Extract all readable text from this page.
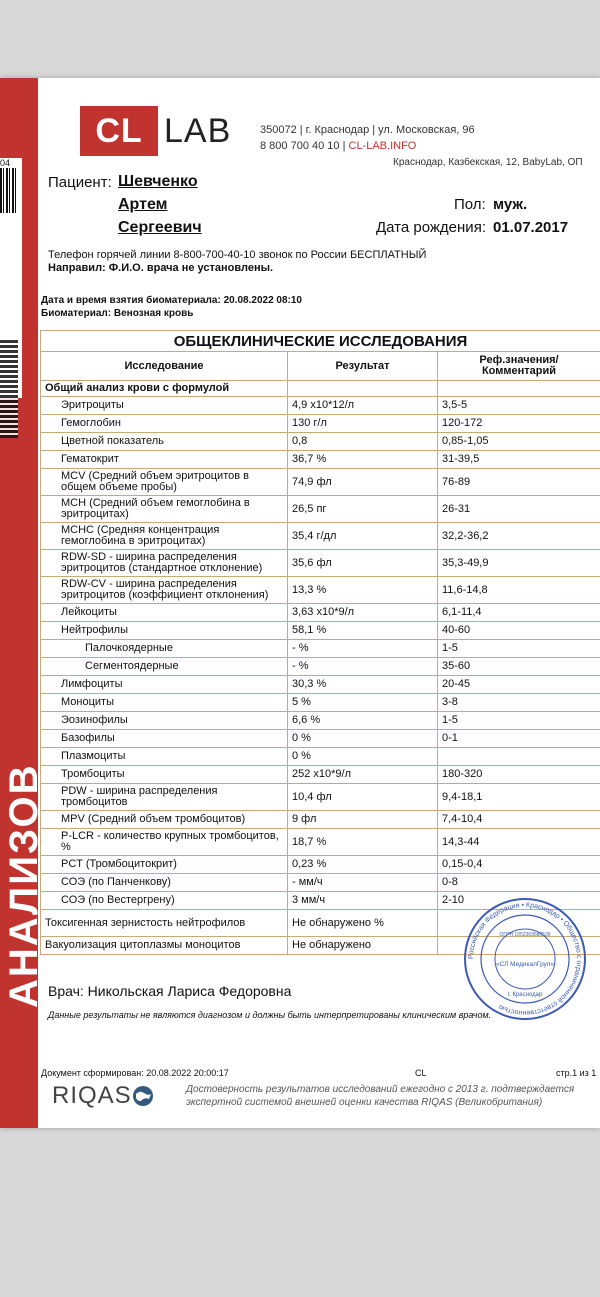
04
АНАЛИЗОВ
CL LAB	350072 | г. Краснодар | ул. Московская, 96
8 800 700 40 10 | CL-LAB.INFO
Краснодар, Казбекская, 12, BabyLab, ОП
Пациент: Шевченко
Артем
Сергеевич
Пол: муж.
Дата рождения: 01.07.2017
Телефон горячей линии 8-800-700-40-10 звонок по России БЕСПЛАТНЫЙ
Направил: Ф.И.О. врача не установлены.
Дата и время взятия биоматериала: 20.08.2022 08:10
Биоматериал: Венозная кровь
ОБЩЕКЛИНИЧЕСКИЕ ИССЛЕДОВАНИЯ		
Исследование	Результат	Реф.значения/ Комментарий
Общий анализ крови с формулой		
Эритроциты	4,9 x10*12/л	3,5-5
Гемоглобин	130 г/л	120-172
Цветной показатель	0,8	0,85-1,05
Гематокрит	36,7 %	31-39,5
MCV (Средний объем эритроцитов в общем объеме пробы)	74,9 фл	76-89
MCH (Средний объем гемоглобина в эритроцитах)	26,5 пг	26-31
MCHC (Средняя концентрация гемоглобина в эритроцитах)	35,4 г/дл	32,2-36,2
RDW-SD - ширина распределения эритроцитов (стандартное отклонение)	35,6 фл	35,3-49,9
RDW-CV - ширина распределения эритроцитов (коэффициент отклонения)	13,3 %	11,6-14,8
Лейкоциты	3,63 x10*9/л	6,1-11,4
Нейтрофилы	58,1 %	40-60
Палочкоядерные	- %	1-5
Сегментоядерные	- %	35-60
Лимфоциты	30,3 %	20-45
Моноциты	5 %	3-8
Эозинофилы	6,6 %	1-5
Базофилы	0 %	0-1
Плазмоциты	0 %	
Тромбоциты	252 x10*9/л	180-320
PDW - ширина распределения тромбоцитов	10,4 фл	9,4-18,1
MPV (Средний объем тромбоцитов)	9 фл	7,4-10,4
P-LCR - количество крупных тромбоцитов, %	18,7 %	14,3-44
PCT (Тромбоцитокрит)	0,23 %	0,15-0,4
СОЭ (по Панченкову)	- мм/ч	0-8
СОЭ (по Вестергрену)	3 мм/ч	2-10
Токсигенная зернистость нейтрофилов	Не обнаружено %	
Вакуолизация цитоплазмы моноцитов	Не обнаружено	
Российская Федерация • Краснодар • Общество с ограниченной ответственностью
ОГРН 1052303680539
«СЛ МедикалГруп»
г. Краснодар
Врач: Никольская Лариса Федоровна
Данные результаты не являются диагнозом и должны быть интерпретированы клиническим врачом.
Документ сформирован: 20.08.2022 20:00:17	CL	стр.1 из 1
RIQAS	Достоверность результатов исследований ежегодно с 2013 г. подтверждается экспертной системой внешней оценки качества RIQAS (Великобритания)
